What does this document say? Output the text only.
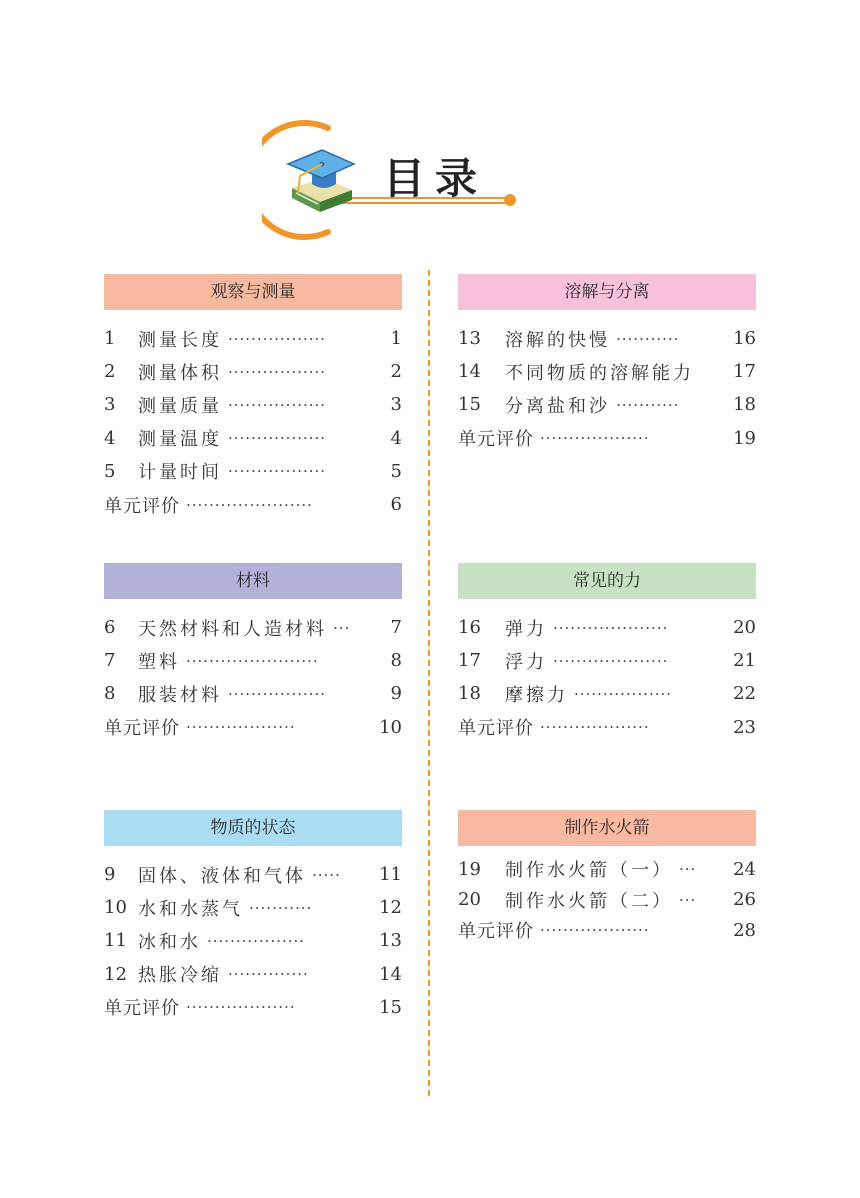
目录
观察与测量
1	测量长度 ·················	1
2	测量体积 ·················	2
3	测量质量 ·················	3
4	测量温度 ·················	4
5	计量时间 ·················	5
单元评价 ······················	6
溶解与分离
13	溶解的快慢 ···········	16
14	不同物质的溶解能力	17
15	分离盐和沙 ···········	18
单元评价 ···················	19
材料
6	天然材料和人造材料 ···	7
7	塑料 ·······················	8
8	服装材料 ·················	9
单元评价 ···················	10
常见的力
16	弹力 ····················	20
17	浮力 ····················	21
18	摩擦力 ·················	22
单元评价 ···················	23
物质的状态
9	固体、液体和气体 ·····	11
10 水和水蒸气 ···········	12
11 冰和水 ·················	13
12 热胀冷缩 ··············	14
单元评价 ···················	15
制作水火箭
19	制作水火箭（一） ···	24
20	制作水火箭（二） ···	26
单元评价 ···················	28
